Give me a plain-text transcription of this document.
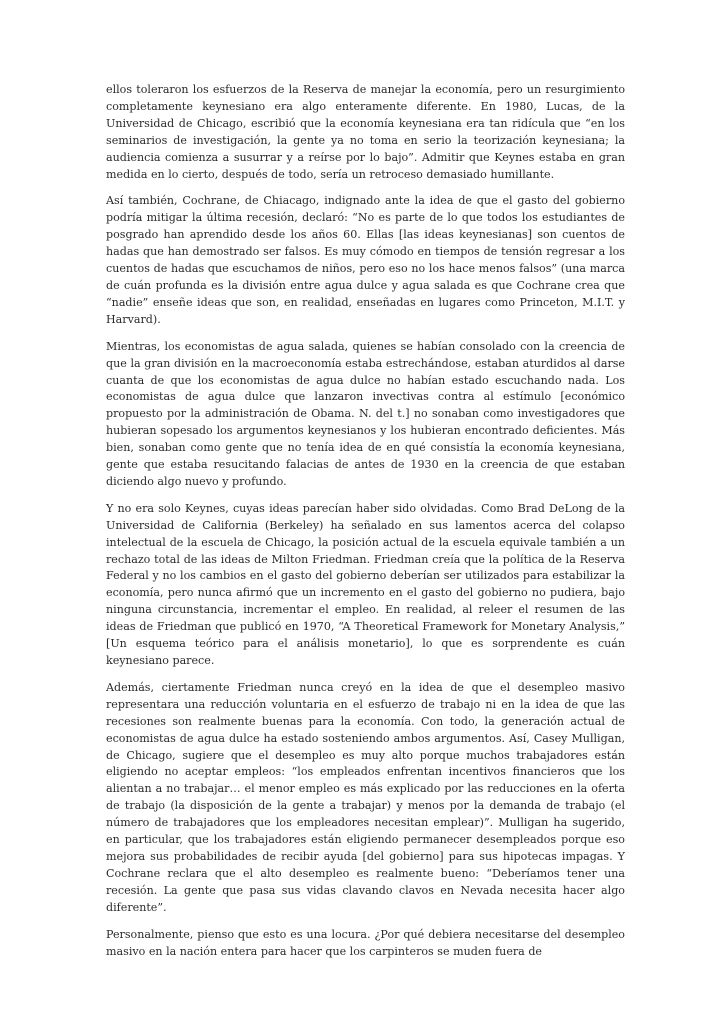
ellos toleraron los esfuerzos de la Reserva de manejar la economía, pero un resurgimiento completamente keynesiano era algo enteramente diferente. En 1980, Lucas, de la Universidad de Chicago, escribió que la economía keynesiana era tan ridícula que “en los seminarios de investigación, la gente ya no toma en serio la teorización keynesiana; la audiencia comienza a susurrar y a reírse por lo bajo”. Admitir que Keynes estaba en gran medida en lo cierto, después de todo, sería un retroceso demasiado humillante.

Así también, Cochrane, de Chiacago, indignado ante la idea de que el gasto del gobierno podría mitigar la última recesión, declaró: “No es parte de lo que todos los estudiantes de posgrado han aprendido desde los años 60. Ellas [las ideas keynesianas] son cuentos de hadas que han demostrado ser falsos. Es muy cómodo en tiempos de tensión regresar a los cuentos de hadas que escuchamos de niños, pero eso no los hace menos falsos” (una marca de cuán profunda es la división entre agua dulce y agua salada es que Cochrane crea que “nadie” enseñe ideas que son, en realidad, enseñadas en lugares como Princeton, M.I.T. y Harvard).

Mientras, los economistas de agua salada, quienes se habían consolado con la creencia de que la gran división en la macroeconomía estaba estrechándose, estaban aturdidos al darse cuanta de que los economistas de agua dulce no habían estado escuchando nada. Los economistas de agua dulce que lanzaron invectivas contra al estímulo [económico propuesto por la administración de Obama. N. del t.] no sonaban como investigadores que hubieran sopesado los argumentos keynesianos y los hubieran encontrado deficientes. Más bien, sonaban como gente que no tenía idea de en qué consistía la economía keynesiana, gente que estaba resucitando falacias de antes de 1930 en la creencia de que estaban diciendo algo nuevo y profundo.

Y no era solo Keynes, cuyas ideas parecían haber sido olvidadas. Como Brad DeLong de la Universidad de California (Berkeley) ha señalado en sus lamentos acerca del colapso intelectual de la escuela de Chicago, la posición actual de la escuela equivale también a un rechazo total de las ideas de Milton Friedman. Friedman creía que la política de la Reserva Federal y no los cambios en el gasto del gobierno deberían ser utilizados para estabilizar la economía, pero nunca afirmó que un incremento en el gasto del gobierno no pudiera, bajo ninguna circunstancia, incrementar el empleo. En realidad, al releer el resumen de las ideas de Friedman que publicó en 1970, “A Theoretical Framework for Monetary Analysis,” [Un esquema teórico para el análisis monetario], lo que es sorprendente es cuán keynesiano parece.

Además, ciertamente Friedman nunca creyó en la idea de que el desempleo masivo representara una reducción voluntaria en el esfuerzo de trabajo ni en la idea de que las recesiones son realmente buenas para la economía. Con todo, la generación actual de economistas de agua dulce ha estado sosteniendo ambos argumentos. Así, Casey Mulligan, de Chicago, sugiere que el desempleo es muy alto porque muchos trabajadores están eligiendo no aceptar empleos: “los empleados enfrentan incentivos financieros que los alientan a no trabajar… el menor empleo es más explicado por las reducciones en la oferta de trabajo (la disposición de la gente a trabajar) y menos por la demanda de trabajo (el número de trabajadores que los empleadores necesitan emplear)”. Mulligan ha sugerido, en particular, que los trabajadores están eligiendo permanecer desempleados porque eso mejora sus probabilidades de recibir ayuda [del gobierno] para sus hipotecas impagas. Y Cochrane reclara que el alto desempleo es realmente bueno: “Deberíamos tener una recesión. La gente que pasa sus vidas clavando clavos en Nevada necesita hacer algo diferente”.

Personalmente, pienso que esto es una locura. ¿Por qué debiera necesitarse del desempleo masivo en la nación entera para hacer que los carpinteros se muden fuera de
